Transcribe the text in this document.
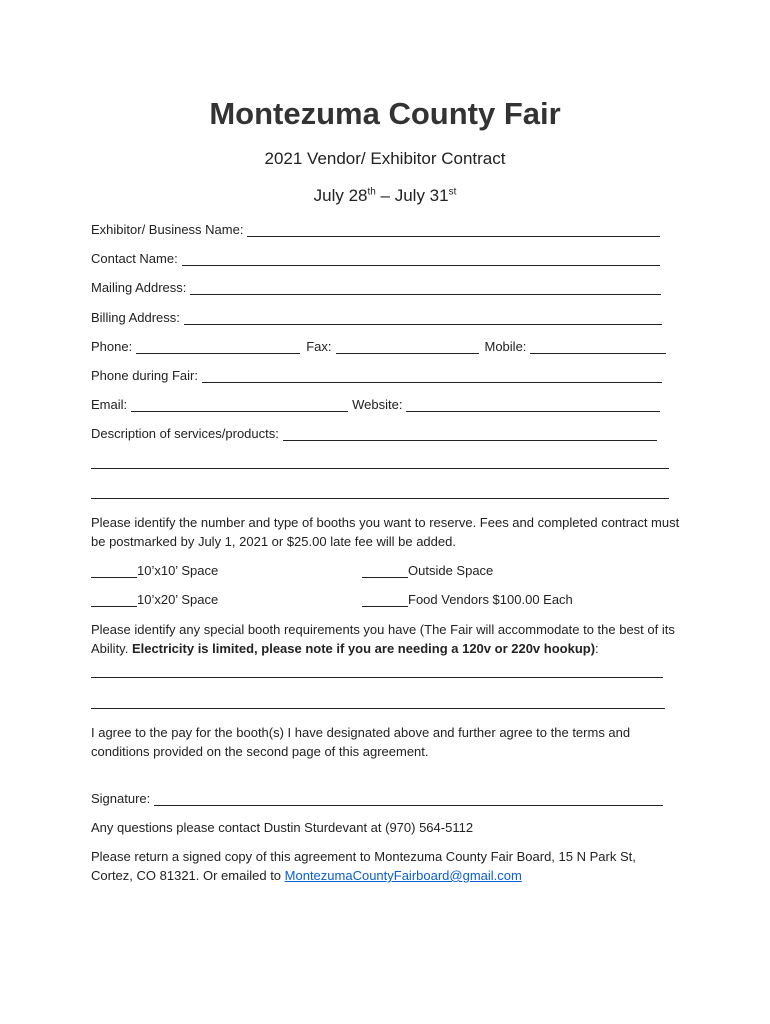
Montezuma County Fair
2021 Vendor/ Exhibitor Contract
July 28th – July 31st
Exhibitor/ Business Name:
Contact Name:
Mailing Address:
Billing Address:
Phone:	Fax:	Mobile:
Phone during Fair:
Email:	Website:
Description of services/products:
Please identify the number and type of booths you want to reserve. Fees and completed contract must be postmarked by July 1, 2021 or $25.00 late fee will be added.
10’x10’ Space	Outside Space
10’x20’ Space	Food Vendors $100.00 Each
Please identify any special booth requirements you have (The Fair will accommodate to the best of its Ability. Electricity is limited, please note if you are needing a 120v or 220v hookup):
I agree to the pay for the booth(s) I have designated above and further agree to the terms and conditions provided on the second page of this agreement.
Signature:
Any questions please contact Dustin Sturdevant at (970) 564-5112
Please return a signed copy of this agreement to Montezuma County Fair Board, 15 N Park St, Cortez, CO 81321. Or emailed to MontezumaCountyFairboard@gmail.com
